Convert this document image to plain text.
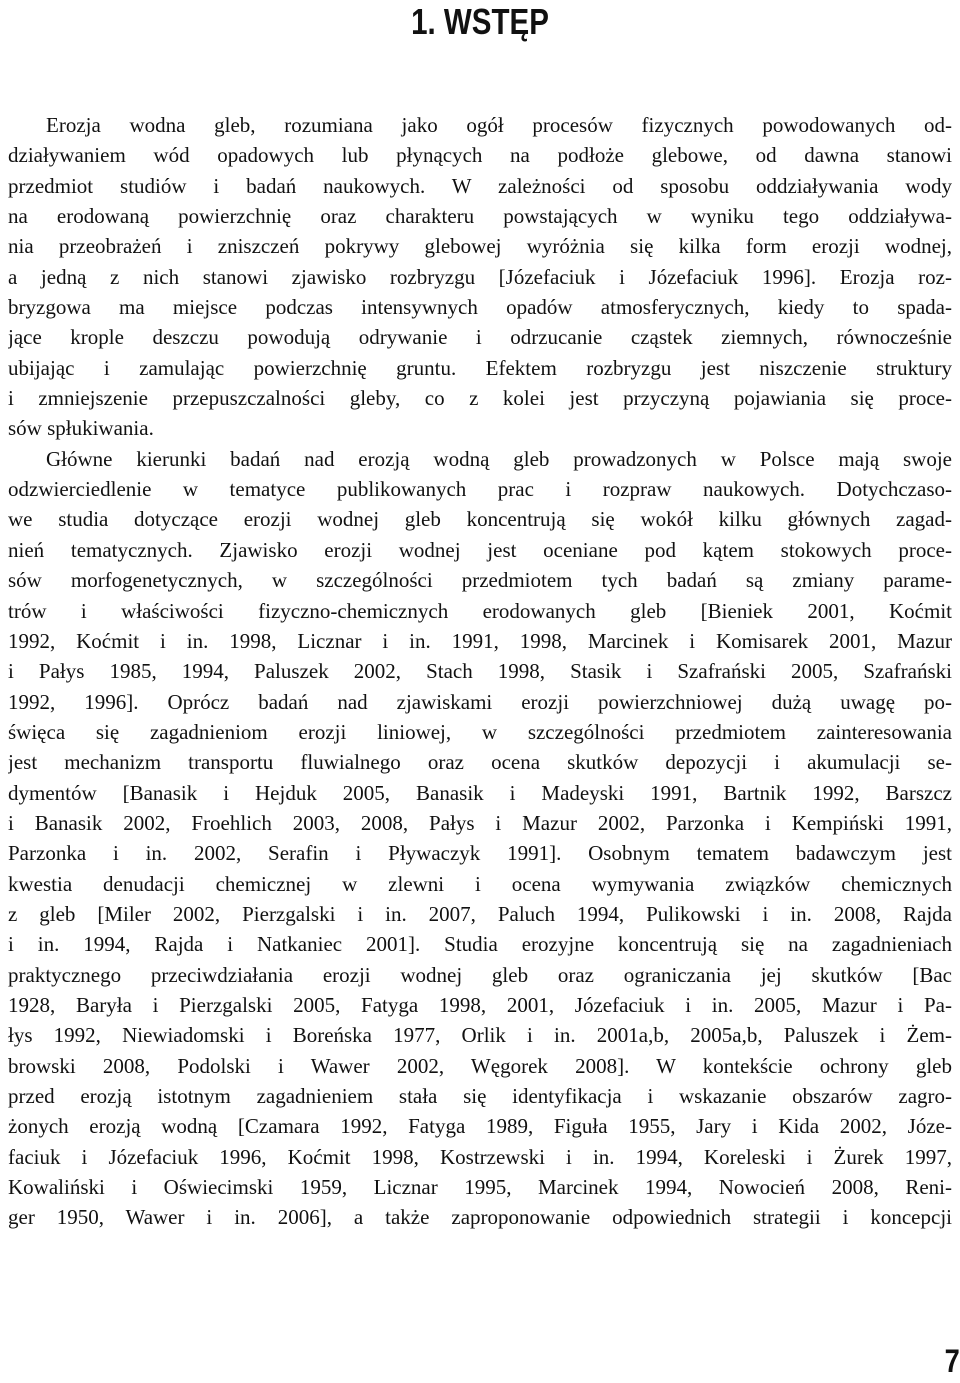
1. WSTĘP
Erozja wodna gleb, rozumiana jako ogół procesów fizycznych powodowanych od-
działywaniem wód opadowych lub płynących na podłoże glebowe, od dawna stanowi
przedmiot studiów i badań naukowych. W zależności od sposobu oddziaływania wody
na erodowaną powierzchnię oraz charakteru powstających w wyniku tego oddziaływa-
nia przeobrażeń i zniszczeń pokrywy glebowej wyróżnia się kilka form erozji wodnej,
a jedną z nich stanowi zjawisko rozbryzgu [Józefaciuk i Józefaciuk 1996]. Erozja roz-
bryzgowa ma miejsce podczas intensywnych opadów atmosferycznych, kiedy to spada-
jące krople deszczu powodują odrywanie i odrzucanie cząstek ziemnych, równocześnie
ubijając i zamulając powierzchnię gruntu. Efektem rozbryzgu jest niszczenie struktury
i zmniejszenie przepuszczalności gleby, co z kolei jest przyczyną pojawiania się proce-
sów spłukiwania.
Główne kierunki badań nad erozją wodną gleb prowadzonych w Polsce mają swoje
odzwierciedlenie w tematyce publikowanych prac i rozpraw naukowych. Dotychczaso-
we studia dotyczące erozji wodnej gleb koncentrują się wokół kilku głównych zagad-
nień tematycznych. Zjawisko erozji wodnej jest oceniane pod kątem stokowych proce-
sów morfogenetycznych, w szczególności przedmiotem tych badań są zmiany parame-
trów i właściwości fizyczno-chemicznych erodowanych gleb [Bieniek 2001, Koćmit
1992, Koćmit i in. 1998, Licznar i in. 1991, 1998, Marcinek i Komisarek 2001, Mazur
i Pałys 1985, 1994, Paluszek 2002, Stach 1998, Stasik i Szafrański 2005, Szafrański
1992, 1996]. Oprócz badań nad zjawiskami erozji powierzchniowej dużą uwagę po-
święca się zagadnieniom erozji liniowej, w szczególności przedmiotem zainteresowania
jest mechanizm transportu fluwialnego oraz ocena skutków depozycji i akumulacji se-
dymentów [Banasik i Hejduk 2005, Banasik i Madeyski 1991, Bartnik 1992, Barszcz
i Banasik 2002, Froehlich 2003, 2008, Pałys i Mazur 2002, Parzonka i Kempiński 1991,
Parzonka i in. 2002, Serafin i Pływaczyk 1991]. Osobnym tematem badawczym jest
kwestia denudacji chemicznej w zlewni i ocena wymywania związków chemicznych
z gleb [Miler 2002, Pierzgalski i in. 2007, Paluch 1994, Pulikowski i in. 2008, Rajda
i in. 1994, Rajda i Natkaniec 2001]. Studia erozyjne koncentrują się na zagadnieniach
praktycznego przeciwdziałania erozji wodnej gleb oraz ograniczania jej skutków [Bac
1928, Baryła i Pierzgalski 2005, Fatyga 1998, 2001, Józefaciuk i in. 2005, Mazur i Pa-
łys 1992, Niewiadomski i Boreńska 1977, Orlik i in. 2001a,b, 2005a,b, Paluszek i Żem-
browski 2008, Podolski i Wawer 2002, Węgorek 2008]. W kontekście ochrony gleb
przed erozją istotnym zagadnieniem stała się identyfikacja i wskazanie obszarów zagro-
żonych erozją wodną [Czamara 1992, Fatyga 1989, Figuła 1955, Jary i Kida 2002, Józe-
faciuk i Józefaciuk 1996, Koćmit 1998, Kostrzewski i in. 1994, Koreleski i Żurek 1997,
Kowaliński i Oświecimski 1959, Licznar 1995, Marcinek 1994, Nowocień 2008, Reni-
ger 1950, Wawer i in. 2006], a także zaproponowanie odpowiednich strategii i koncepcji
7
